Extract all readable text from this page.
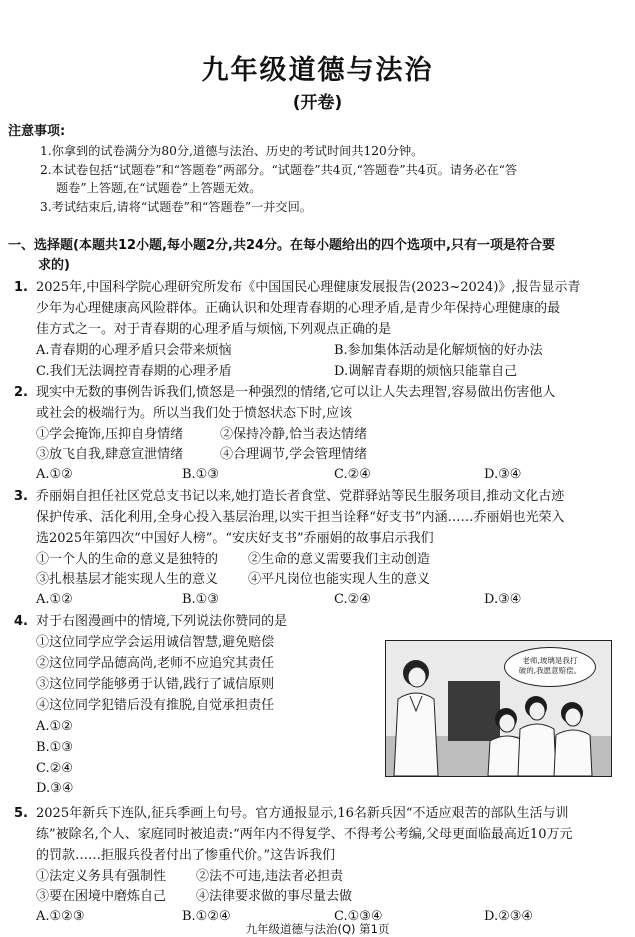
九年级道德与法治
(开卷)
注意事项:
1.你拿到的试卷满分为80分,道德与法治、历史的考试时间共120分钟。
2.本试卷包括“试题卷”和“答题卷”两部分。“试题卷”共4页,“答题卷”共4页。请务必在“答
题卷”上答题,在“试题卷”上答题无效。
3.考试结束后,请将“试题卷”和“答题卷”一并交回。
一、选择题(本题共12小题,每小题2分,共24分。在每小题给出的四个选项中,只有一项是符合要
求的)
1. 2025年,中国科学院心理研究所发布《中国国民心理健康发展报告(2023~2024)》,报告显示青
少年为心理健康高风险群体。正确认识和处理青春期的心理矛盾,是青少年保持心理健康的最
佳方式之一。对于青春期的心理矛盾与烦恼,下列观点正确的是
A.青春期的心理矛盾只会带来烦恼	B.参加集体活动是化解烦恼的好办法
C.我们无法调控青春期的心理矛盾	D.调解青春期的烦恼只能靠自己
2. 现实中无数的事例告诉我们,愤怒是一种强烈的情绪,它可以让人失去理智,容易做出伤害他人
或社会的极端行为。所以当我们处于愤怒状态下时,应该
①学会掩饰,压抑自身情绪	②保持冷静,恰当表达情绪
③放飞自我,肆意宣泄情绪	④合理调节,学会管理情绪
A.①②	B.①③	C.②④	D.③④
3. 乔丽娟自担任社区党总支书记以来,她打造长者食堂、党群驿站等民生服务项目,推动文化古迹
保护传承、活化利用,全身心投入基层治理,以实干担当诠释“好支书”内涵……乔丽娟也光荣入
选2025年第四次“中国好人榜”。“安庆好支书”乔丽娟的故事启示我们
①一个人的生命的意义是独特的 ②生命的意义需要我们主动创造
③扎根基层才能实现人生的意义 ④平凡岗位也能实现人生的意义
A.①②	B.①③	C.②④	D.③④
4. 对于右图漫画中的情境,下列说法你赞同的是
①这位同学应学会运用诚信智慧,避免赔偿
②这位同学品德高尚,老师不应追究其责任
③这位同学能够勇于认错,践行了诚信原则
④这位同学犯错后没有推脱,自觉承担责任
A.①②
B.①③
C.②④
D.③④
老师,玻璃是我打
破的,我愿意赔偿。
5. 2025年新兵下连队,征兵季画上句号。官方通报显示,16名新兵因“不适应艰苦的部队生活与训
练”被除名,个人、家庭同时被追责:“两年内不得复学、不得考公考编,父母更面临最高近10万元
的罚款……拒服兵役者付出了惨重代价。”这告诉我们
①法定义务具有强制性 ②法不可违,违法者必担责
③要在困境中磨炼自己 ④法律要求做的事尽量去做
A.①②③	B.①②④	C.①③④	D.②③④
九年级道德与法治(Q) 第1页
